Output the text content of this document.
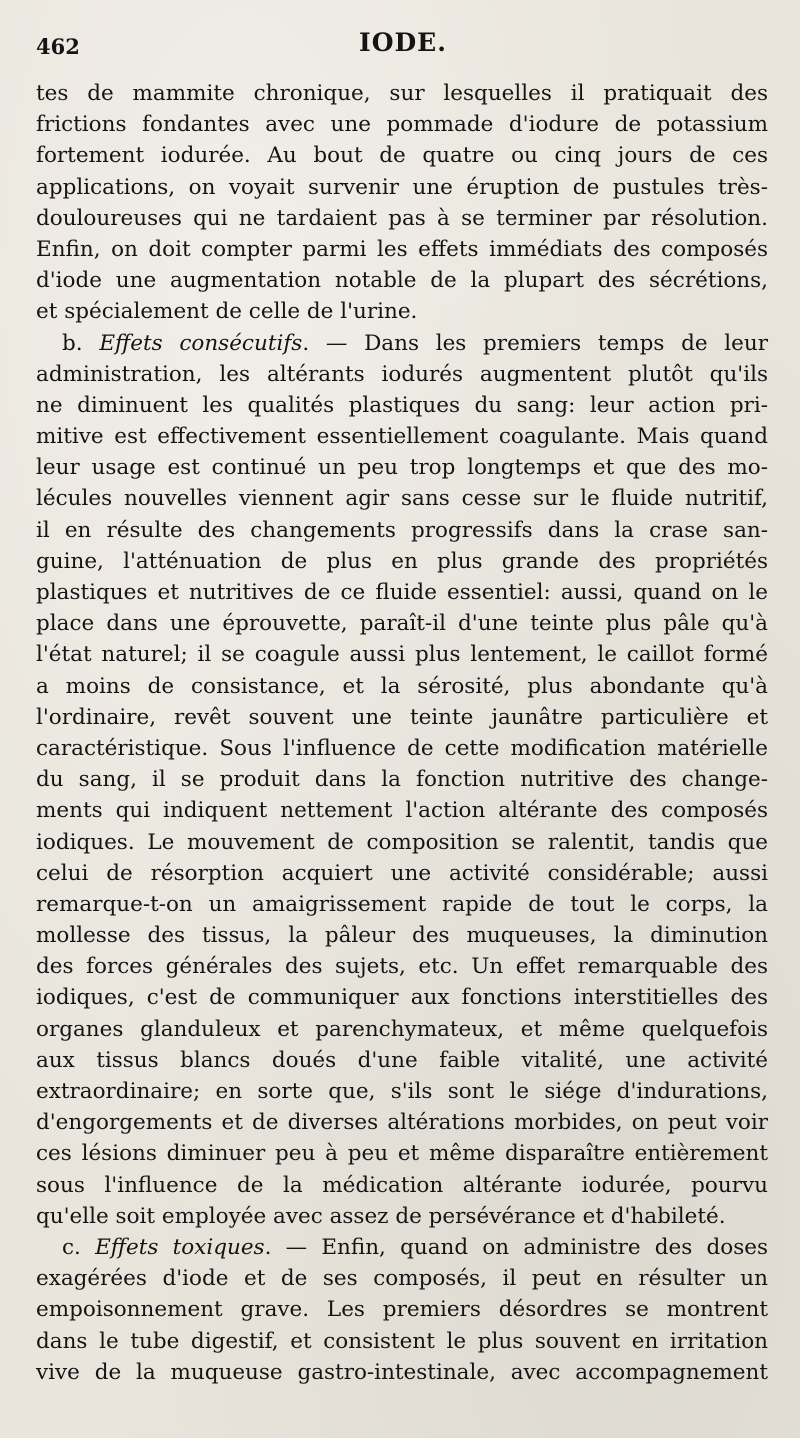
462	IODE.
tes de mammite chronique, sur lesquelles il pratiquait des
frictions fondantes avec une pommade d'iodure de potassium
fortement iodurée. Au bout de quatre ou cinq jours de ces
applications, on voyait survenir une éruption de pustules très-
douloureuses qui ne tardaient pas à se terminer par résolution.
Enfin, on doit compter parmi les effets immédiats des composés
d'iode une augmentation notable de la plupart des sécrétions,
et spécialement de celle de l'urine.
b. Effets consécutifs. — Dans les premiers temps de leur
administration, les altérants iodurés augmentent plutôt qu'ils
ne diminuent les qualités plastiques du sang: leur action pri-
mitive est effectivement essentiellement coagulante. Mais quand
leur usage est continué un peu trop longtemps et que des mo-
lécules nouvelles viennent agir sans cesse sur le fluide nutritif,
il en résulte des changements progressifs dans la crase san-
guine, l'atténuation de plus en plus grande des propriétés
plastiques et nutritives de ce fluide essentiel: aussi, quand on le
place dans une éprouvette, paraît-il d'une teinte plus pâle qu'à
l'état naturel; il se coagule aussi plus lentement, le caillot formé
a moins de consistance, et la sérosité, plus abondante qu'à
l'ordinaire, revêt souvent une teinte jaunâtre particulière et
caractéristique. Sous l'influence de cette modification matérielle
du sang, il se produit dans la fonction nutritive des change-
ments qui indiquent nettement l'action altérante des composés
iodiques. Le mouvement de composition se ralentit, tandis que
celui de résorption acquiert une activité considérable; aussi
remarque-t-on un amaigrissement rapide de tout le corps, la
mollesse des tissus, la pâleur des muqueuses, la diminution
des forces générales des sujets, etc. Un effet remarquable des
iodiques, c'est de communiquer aux fonctions interstitielles des
organes glanduleux et parenchymateux, et même quelquefois
aux tissus blancs doués d'une faible vitalité, une activité
extraordinaire; en sorte que, s'ils sont le siége d'indurations,
d'engorgements et de diverses altérations morbides, on peut voir
ces lésions diminuer peu à peu et même disparaître entièrement
sous l'influence de la médication altérante iodurée, pourvu
qu'elle soit employée avec assez de persévérance et d'habileté.
c. Effets toxiques. — Enfin, quand on administre des doses
exagérées d'iode et de ses composés, il peut en résulter un
empoisonnement grave. Les premiers désordres se montrent
dans le tube digestif, et consistent le plus souvent en irritation
vive de la muqueuse gastro-intestinale, avec accompagnement
